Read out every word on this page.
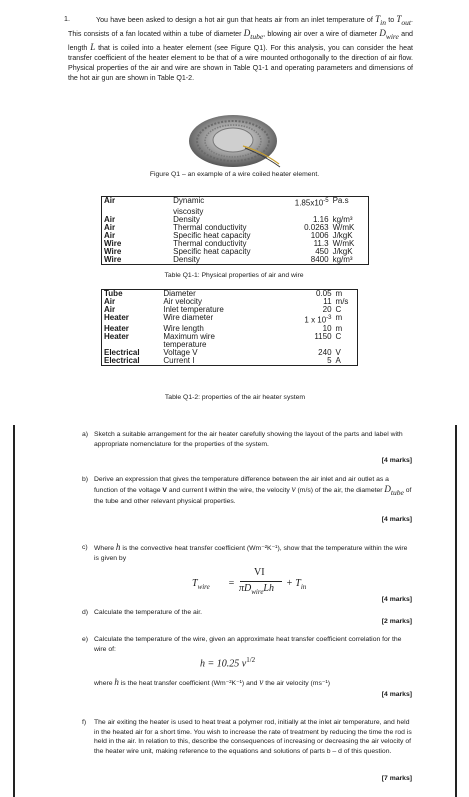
1.	You have been asked to design a hot air gun that heats air from an inlet temperature of $T_{in}$ to $T_{out}$. This consists of a fan located within a tube of diameter $D_{tube}$, blowing air over a wire of diameter $D_{wire}$ and length L that is coiled into a heater element (see Figure Q1). For this analysis, you can consider the heat transfer coefficient of the heater element to be that of a wire mounted orthogonally to the direction of air flow. Physical properties of the air and wire are shown in Table Q1-1 and operating parameters and dimensions of the hot air gun are shown in Table Q1-2.

Figure Q1 – an example of a wire coiled heater element.
Air	Dynamic	$1.85x10^{-5}$	Pa.s
	viscosity		
Air	Density	1.16	kg/m³
Air	Thermal conductivity	0.0263	W/mK
Air	Specific heat capacity	1006	J/kgK
Wire	Thermal conductivity	11.3	W/mK
Wire	Specific heat capacity	450	J/kgK
Wire	Density	8400	kg/m³
Table Q1-1: Physical properties of air and wire
Tube	Diameter	0.05	m
Air	Air velocity	11	m/s
Air	Inlet temperature	20	C
Heater	Wire diameter	1 x $10^{-3}$	m
Heater	Wire length	10	m
Heater	Maximum wire	1150	C
	temperature		
Electrical	Voltage V	240	V
Electrical	Current I	5	A
Table Q1-2: properties of the air heater system
a) Sketch a suitable arrangement for the air heater carefully showing the layout of the parts and label with appropriate nomenclature for the properties of the system.
[4 marks]
b) Derive an expression that gives the temperature difference between the air inlet and air outlet as a function of the voltage V and current I within the wire, the velocity v (m/s) of the air, the diameter $D_{tube}$ of the tube and other relevant physical properties.
[4 marks]
c) Where h is the convective heat transfer coefficient (Wm⁻²K⁻¹), show that the temperature within the wire is given by
$T_{wire}$ =
VI
$\pi D_{wire}Lh + T_{in}$
[4 marks]
d) Calculate the temperature of the air.
[2 marks]
e) Calculate the temperature of the wire, given an approximate heat transfer coefficient correlation for the wire of:
h = 10.25 $v^{1/2}$
where h is the heat transfer coefficient (Wm⁻²K⁻¹) and v the air velocity (ms⁻¹)
[4 marks]
f) The air exiting the heater is used to heat treat a polymer rod, initially at the inlet air temperature, and held in the heated air for a short time. You wish to increase the rate of treatment by reducing the time the rod is held in the air. In relation to this, describe the consequences of increasing or decreasing the air velocity of the heater wire unit, making reference to the equations and solutions of parts b – d of this question.
[7 marks]
